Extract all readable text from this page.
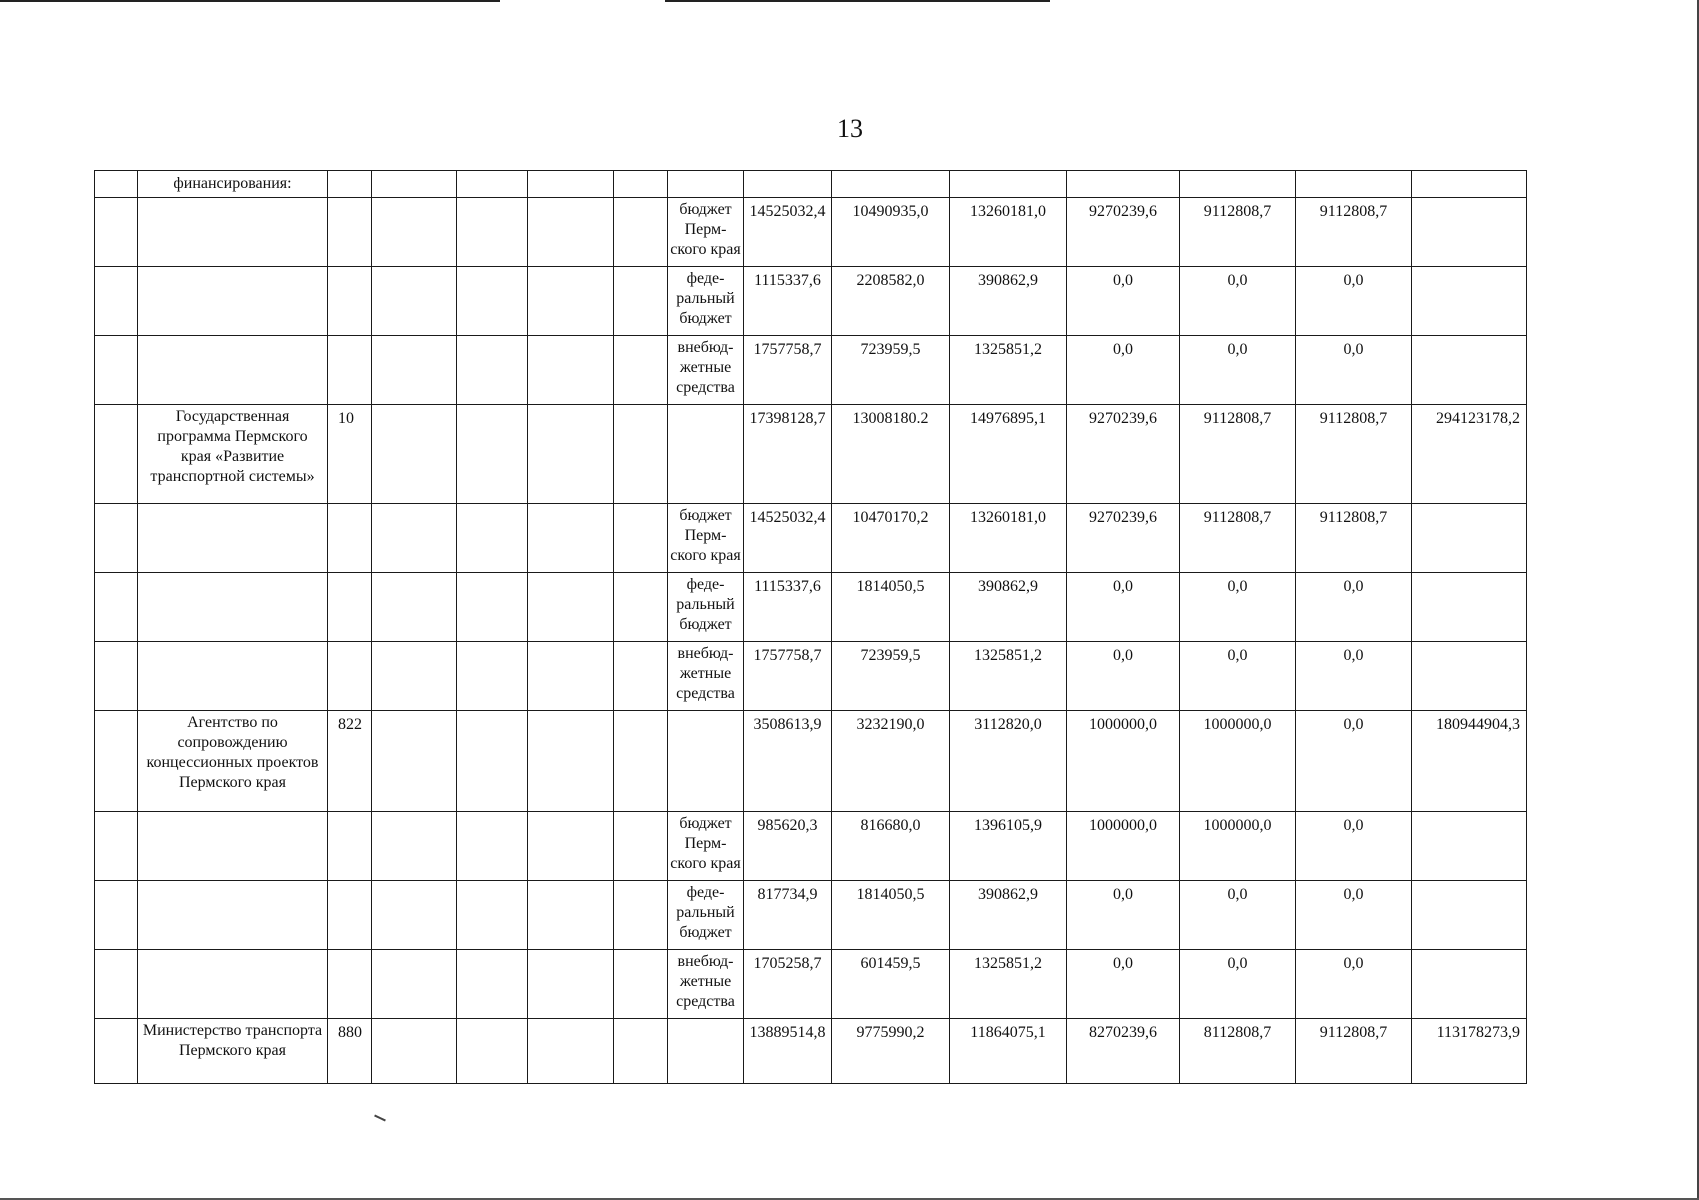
13
	финансирования:													
							бюджет Перм-ского края	14525032,4	10490935,0	13260181,0	9270239,6	9112808,7	9112808,7	
							феде-ральный бюджет	1115337,6	2208582,0	390862,9	0,0	0,0	0,0	
							внебюд-жетные средства	1757758,7	723959,5	1325851,2	0,0	0,0	0,0	
	Государственная программа Пермского края «Развитие транспортной системы»	10						17398128,7	13008180.2	14976895,1	9270239,6	9112808,7	9112808,7	294123178,2
							бюджет Перм-ского края	14525032,4	10470170,2	13260181,0	9270239,6	9112808,7	9112808,7	
							феде-ральный бюджет	1115337,6	1814050,5	390862,9	0,0	0,0	0,0	
							внебюд-жетные средства	1757758,7	723959,5	1325851,2	0,0	0,0	0,0	
	Агентство по сопровождению концессионных проектов Пермского края	822						3508613,9	3232190,0	3112820,0	1000000,0	1000000,0	0,0	180944904,3
							бюджет Перм-ского края	985620,3	816680,0	1396105,9	1000000,0	1000000,0	0,0	
							феде-ральный бюджет	817734,9	1814050,5	390862,9	0,0	0,0	0,0	
							внебюд-жетные средства	1705258,7	601459,5	1325851,2	0,0	0,0	0,0	
	Министерство транспорта Пермского края	880						13889514,8	9775990,2	11864075,1	8270239,6	8112808,7	9112808,7	113178273,9
